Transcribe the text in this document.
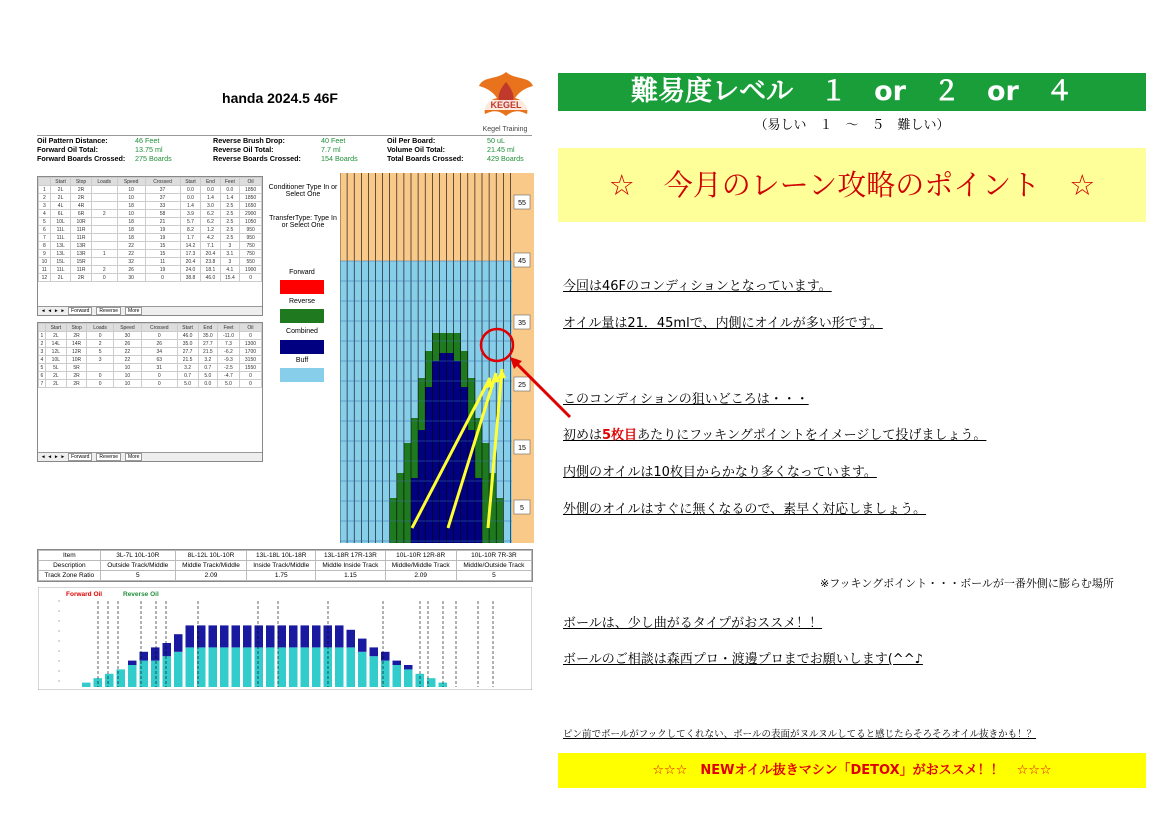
handa 2024.5 46F	KEGEL
Kegel Training
Oil Pattern Distance:	46 Feet	Reverse Brush Drop:	40 Feet	Oil Per Board:	50 uL
Forward Oil Total:	13.75 ml	Reverse Oil Total:	7.7 ml	Volume Oil Total:	21.45 ml
Forward Boards Crossed:	275 Boards	Reverse Boards Crossed:	154 Boards	Total Boards Crossed:	429 Boards
	Start	Stop	Loads	Speed	Crossed	Start	End	Feet	Oil
1	2L	2R		10	37	0.0	0.0	0.0	1850
2	2L	2R		10	37	0.0	1.4	1.4	1850
3	4L	4R		18	33	1.4	3.0	2.5	1650
4	6L	6R	2	10	58	3.9	6.2	2.5	2900
5	10L	10R		18	21	5.7	6.2	2.5	1050
6	11L	11R		18	19	8.2	1.2	2.5	950
7	11L	11R		18	19	1.7	4.2	2.5	950
8	13L	13R		22	15	14.2	7.1	3	750
9	13L	13R	1	22	15	17.3	20.4	3.1	750
10	15L	15R		32	11	20.4	23.8	3	550
11	11L	11R	2	26	19	24.0	18.1	4.1	1900
12	2L	2R	0	30	0	38.8	46.0	15.4	0
◂ ◂ ▸ ▸	Forward	Reverse	More
	Start	Stop	Loads	Speed	Crossed	Start	End	Feet	Oil
1	2L	2R	0	30	0	46.0	35.0	-11.0	0
2	14L	14R	2	26	26	35.0	27.7	7.3	1300
3	12L	12R	5	22	34	27.7	21.5	-6.2	1700
4	10L	10R	3	22	63	21.5	3.2	-9.3	3150
5	5L	5R		10	31	3.2	0.7	-2.5	1550
6	2L	2R	0	10	0	0.7	5.0	-4.7	0
7	2L	2R	0	10	0	5.0	0.0	5.0	0
◂ ◂ ▸ ▸	Forward	Reverse	More
Conditioner Type In or Select One
TransferType: Type In or Select One
Forward
Reverse
Combined
Buff
55
45
35
25
15
5
Item	3L-7L 10L-10R	8L-12L 10L-10R	13L-18L 10L-18R	13L-18R 17R-13R	10L-10R 12R-8R	10L-10R 7R-3R
Description	Outside Track/Middle	Middle Track/Middle	Inside Track/Middle	Middle Inside Track	Middle/Middle Track	Middle/Outside Track
Track Zone Ratio	5	2.09	1.75	1.15	2.09	5
Forward Oil	Reverse Oil
難易度レベル　１　or　２　or　４
（易しい　１　～　５　難しい）
☆　今月のレーン攻略のポイント　☆
今回は46Fのコンディションとなっています。
オイル量は21．45mlで、内側にオイルが多い形です。
このコンディションの狙いどころは・・・
初めは5枚目あたりにフッキングポイントをイメージして投げましょう。
内側のオイルは10枚目からかなり多くなっています。
外側のオイルはすぐに無くなるので、素早く対応しましょう。
※フッキングポイント・・・ボールが一番外側に膨らむ場所
ボールは、少し曲がるタイプがおススメ！！
ボールのご相談は森西プロ・渡邊プロまでお願いします(^^♪
ピン前でボールがフックしてくれない、ボールの表面がヌルヌルしてると感じたらそろそろオイル抜きかも！？
☆☆☆　NEWオイル抜きマシン「DETOX」がおススメ！！　☆☆☆
